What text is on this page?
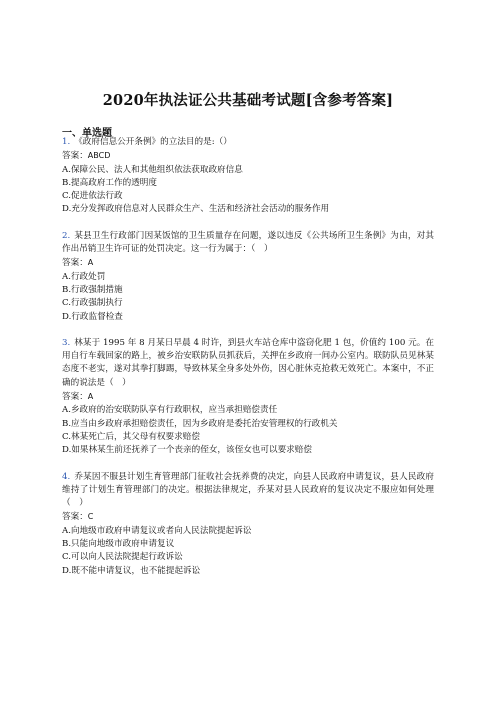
2020年执法证公共基础考试题[含参考答案]
一、单选题
1. 《政府信息公开条例》的立法目的是:（）
答案：ABCD
A.保障公民、法人和其他组织依法获取政府信息
B.提高政府工作的透明度
C.促进依法行政
D.充分发挥政府信息对人民群众生产、生活和经济社会活动的服务作用
2. 某县卫生行政部门因某饭馆的卫生质量存在问题，遂以违反《公共场所卫生条例》为由，对其作出吊销卫生许可证的处罚决定。这一行为属于：（　）
答案：A
A.行政处罚
B.行政强制措施
C.行政强制执行
D.行政监督检查
3. 林某于 1995 年 8 月某日早晨 4 时许，到县火车站仓库中盗窃化肥 1 包，价值约 100 元。在用自行车载回家的路上，被乡治安联防队员抓获后，关押在乡政府一间办公室内。联防队员见林某态度不老实，遂对其拳打脚踢，导致林某全身多处外伤，因心脏休克抢救无效死亡。本案中，不正确的说法是（　）
答案：A
A.乡政府的治安联防队享有行政职权，应当承担赔偿责任
B.应当由乡政府承担赔偿责任，因为乡政府是委托治安管理权的行政机关
C.林某死亡后，其父母有权要求赔偿
D.如果林某生前还抚养了一个丧亲的侄女，该侄女也可以要求赔偿
4. 乔某因不服县计划生育管理部门征收社会抚养费的决定，向县人民政府申请复议，县人民政府维持了计划生育管理部门的决定。根据法律规定，乔某对县人民政府的复议决定不服应如何处理（　）
答案：C
A.向地级市政府申请复议或者向人民法院提起诉讼
B.只能向地级市政府申请复议
C.可以向人民法院提起行政诉讼
D.既不能申请复议，也不能提起诉讼
